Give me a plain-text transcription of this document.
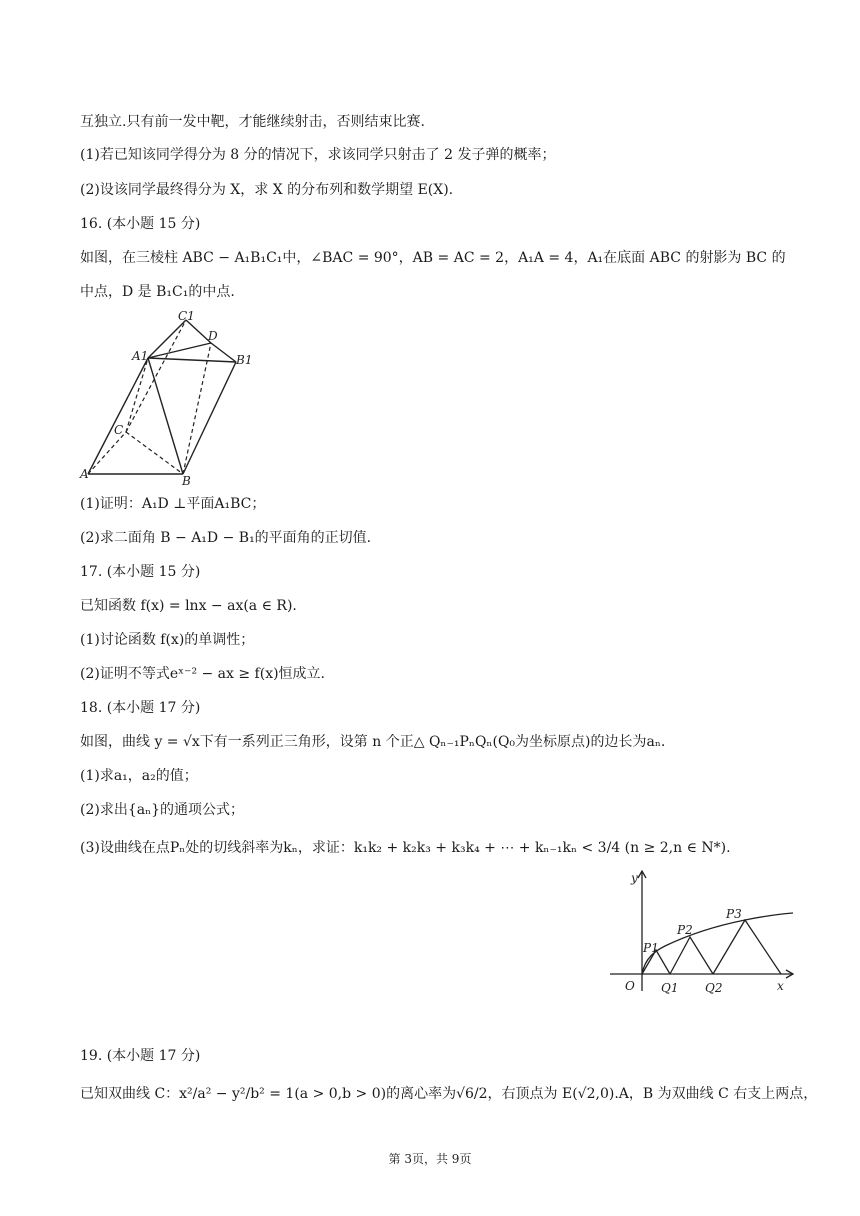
互独立.只有前一发中靶，才能继续射击，否则结束比赛.
(1)若已知该同学得分为 8 分的情况下，求该同学只射击了 2 发子弹的概率；
(2)设该同学最终得分为 X，求 X 的分布列和数学期望 E(X).
16. (本小题 15 分)
如图，在三棱柱 ABC − A₁B₁C₁中，∠BAC = 90°，AB = AC = 2，A₁A = 4，A₁在底面 ABC 的射影为 BC 的
中点，D 是 B₁C₁的中点.
C1
D
A1	B1
C
A	B
(1)证明：A₁D ⊥平面A₁BC；
(2)求二面角 B − A₁D − B₁的平面角的正切值.
17. (本小题 15 分)
已知函数 f(x) = lnx − ax(a ∈ R).
(1)讨论函数 f(x)的单调性；
(2)证明不等式eˣ⁻² − ax ≥ f(x)恒成立.
18. (本小题 17 分)
如图，曲线 y = √x下有一系列正三角形，设第 n 个正△ Qₙ₋₁PₙQₙ(Q₀为坐标原点)的边长为aₙ.
(1)求a₁，a₂的值；
(2)求出{aₙ}的通项公式；
(3)设曲线在点Pₙ处的切线斜率为kₙ，求证：k₁k₂ + k₂k₃ + k₃k₄ + ⋯ + kₙ₋₁kₙ < 3/4 (n ≥ 2,n ∈ N*).
y
x
O
P1
P2
P3
Q1 Q2
19. (本小题 17 分)
已知双曲线 C：x²/a² − y²/b² = 1(a > 0,b > 0)的离心率为√6/2，右顶点为 E(√2,0).A，B 为双曲线 C 右支上两点，
第 3页，共 9页
